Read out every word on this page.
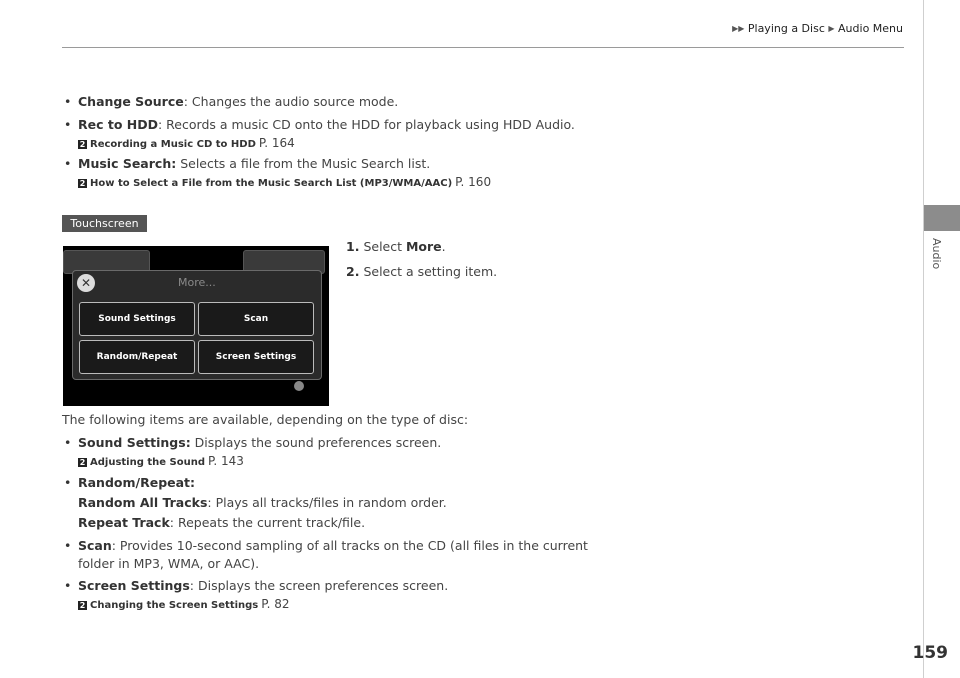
▶▶ Playing a Disc ▶ Audio Menu
Audio
• Change Source: Changes the audio source mode.
• Rec to HDD: Records a music CD onto the HDD for playback using HDD Audio.
2 Recording a Music CD to HDD P. 164
• Music Search: Selects a file from the Music Search list.
2 How to Select a File from the Music Search List (MP3/WMA/AAC) P. 160
Touchscreen
✕	More...
Sound Settings	Scan
Random/Repeat	Screen Settings
1. Select More.
2. Select a setting item.
The following items are available, depending on the type of disc:
• Sound Settings: Displays the sound preferences screen.
2 Adjusting the Sound P. 143
• Random/Repeat:
Random All Tracks: Plays all tracks/files in random order.
Repeat Track: Repeats the current track/file.
• Scan: Provides 10-second sampling of all tracks on the CD (all files in the current
folder in MP3, WMA, or AAC).
• Screen Settings: Displays the screen preferences screen.
2 Changing the Screen Settings P. 82
159
